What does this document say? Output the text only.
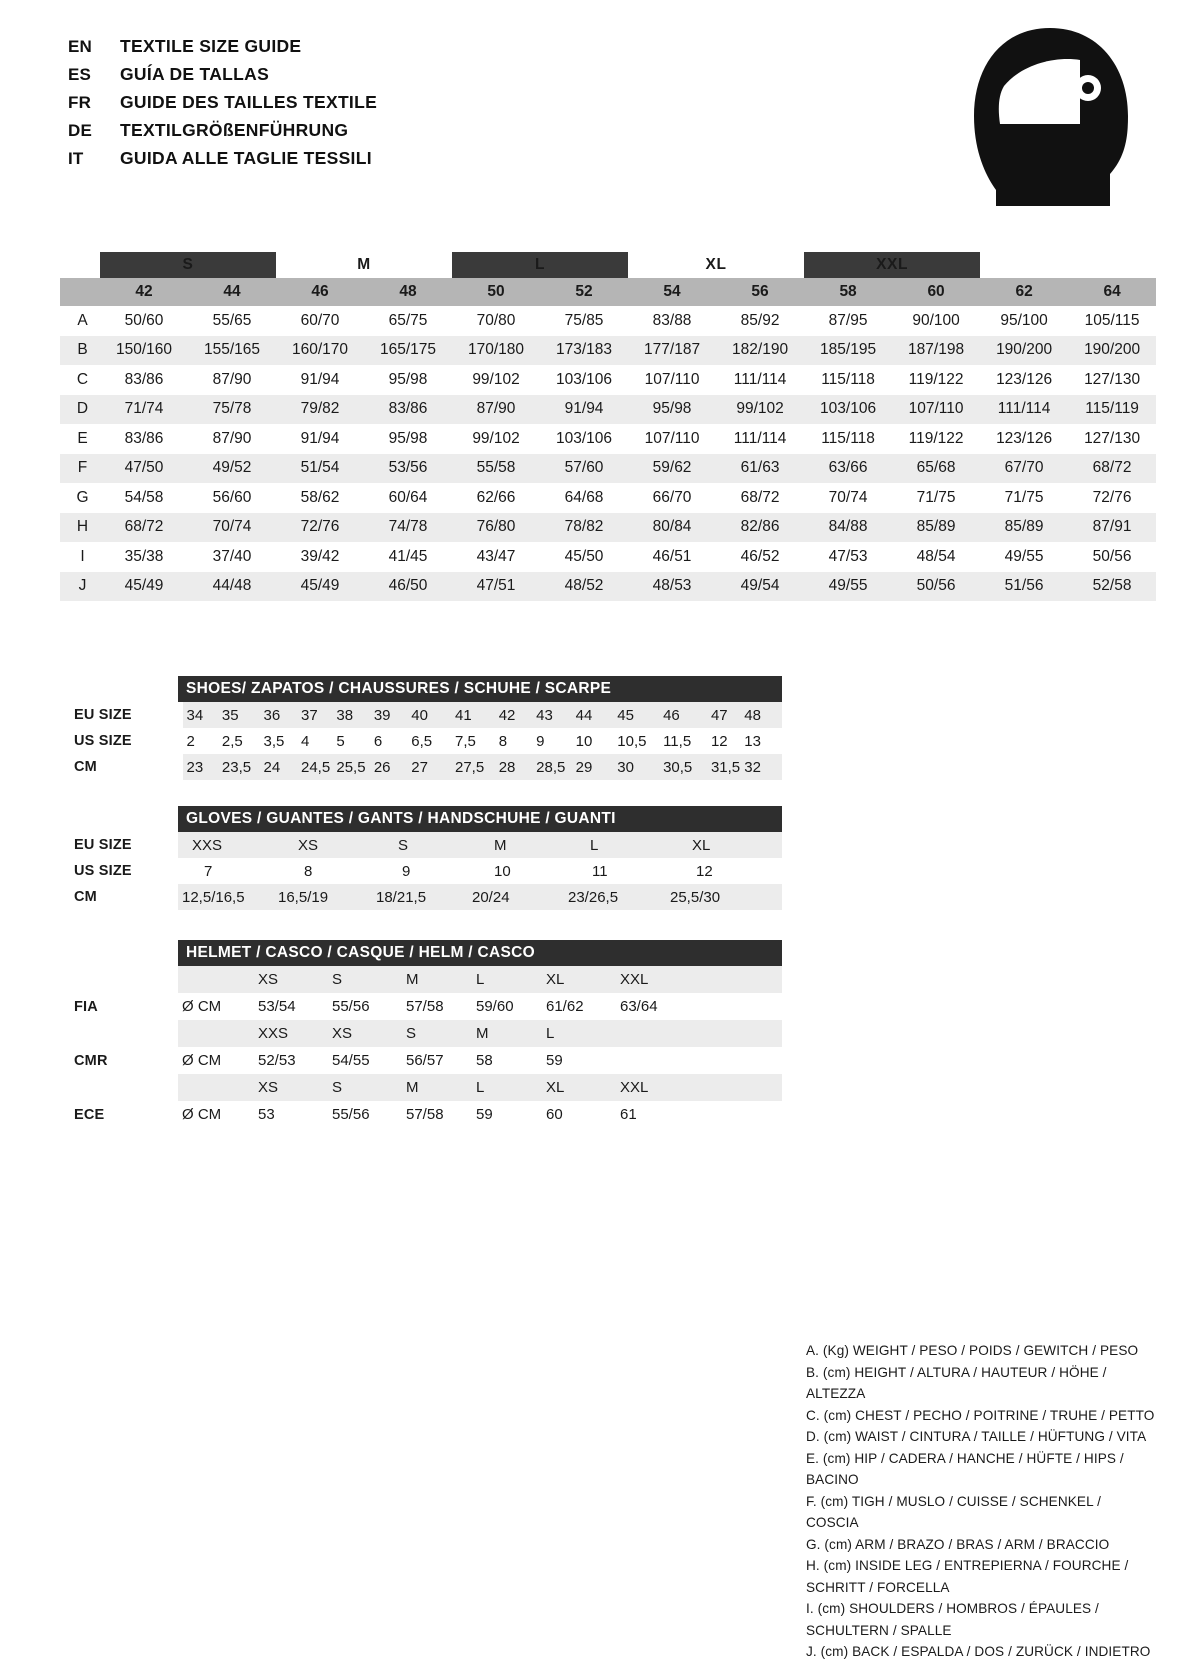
EN	TEXTILE SIZE GUIDE
ES	GUÍA DE TALLAS
FR	GUIDE DES TAILLES TEXTILE
DE	TEXTILGRÖßENFÜHRUNG
IT	GUIDA ALLE TAGLIE TESSILI
	S		M		L		XL		XXL			
	42	44	46	48	50	52	54	56	58	60	62	64
A	50/60	55/65	60/70	65/75	70/80	75/85	83/88	85/92	87/95	90/100	95/100	105/115
B	150/160	155/165	160/170	165/175	170/180	173/183	177/187	182/190	185/195	187/198	190/200	190/200
C	83/86	87/90	91/94	95/98	99/102	103/106	107/110	111/114	115/118	119/122	123/126	127/130
D	71/74	75/78	79/82	83/86	87/90	91/94	95/98	99/102	103/106	107/110	111/114	115/119
E	83/86	87/90	91/94	95/98	99/102	103/106	107/110	111/114	115/118	119/122	123/126	127/130
F	47/50	49/52	51/54	53/56	55/58	57/60	59/62	61/63	63/66	65/68	67/70	68/72
G	54/58	56/60	58/62	60/64	62/66	64/68	66/70	68/72	70/74	71/75	71/75	72/76
H	68/72	70/74	72/76	74/78	76/80	78/82	80/84	82/86	84/88	85/89	85/89	87/91
I	35/38	37/40	39/42	41/45	43/47	45/50	46/51	46/52	47/53	48/54	49/55	50/56
J	45/49	44/48	45/49	46/50	47/51	48/52	48/53	49/54	49/55	50/56	51/56	52/58
SHOES/ ZAPATOS / CHAUSSURES / SCHUHE / SCARPE
EU SIZE	34	35	36	37	38	39	40	41	42	43	44	45	46	47	48
US SIZE	2	2,5	3,5	4	5	6	6,5	7,5	8	9	10	10,5	11,5	12	13
CM	23	23,5	24	24,5	25,5	26	27	27,5	28	28,5	29	30	30,5	31,5	32
GLOVES / GUANTES / GANTS / HANDSCHUHE / GUANTI
EU SIZE	XXS	XS	S	M	L	XL
US SIZE	7	8	9	10	11	12
CM	12,5/16,5	16,5/19	18/21,5	20/24	23/26,5	25,5/30
HELMET / CASCO / CASQUE / HELM / CASCO
		XS	S	M	L	XL	XXL
FIA	Ø CM	53/54	55/56	57/58	59/60	61/62	63/64
		XXS	XS	S	M	L	
CMR	Ø CM	52/53	54/55	56/57	58	59	
		XS	S	M	L	XL	XXL
ECE	Ø CM	53	55/56	57/58	59	60	61
A. (Kg) WEIGHT / PESO / POIDS / GEWITCH / PESO
B. (cm) HEIGHT / ALTURA / HAUTEUR / HÖHE / ALTEZZA
C. (cm) CHEST / PECHO / POITRINE / TRUHE / PETTO
D. (cm) WAIST / CINTURA / TAILLE / HÜFTUNG / VITA
E. (cm) HIP / CADERA / HANCHE / HÜFTE / HIPS / BACINO
F. (cm) TIGH / MUSLO / CUISSE / SCHENKEL / COSCIA
G. (cm) ARM / BRAZO / BRAS / ARM / BRACCIO
H. (cm) INSIDE LEG / ENTREPIERNA / FOURCHE /
SCHRITT / FORCELLA
I. (cm) SHOULDERS / HOMBROS / ÉPAULES /
SCHULTERN / SPALLE
J. (cm) BACK / ESPALDA / DOS / ZURÜCK / INDIETRO
